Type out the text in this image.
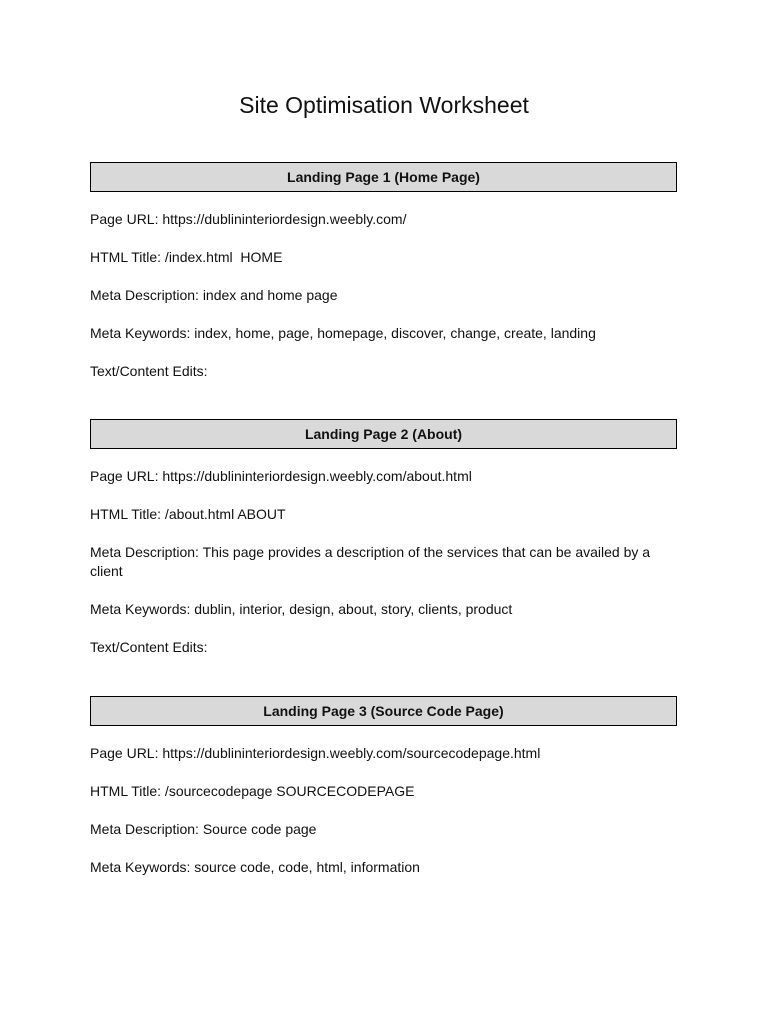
Site Optimisation Worksheet
Landing Page 1 (Home Page)
Page URL: https://dublininteriordesign.weebly.com/
HTML Title: /index.html  HOME
Meta Description: index and home page
Meta Keywords: index, home, page, homepage, discover, change, create, landing
Text/Content Edits:
Landing Page 2 (About)
Page URL: https://dublininteriordesign.weebly.com/about.html
HTML Title: /about.html ABOUT
Meta Description: This page provides a description of the services that can be availed by a client
Meta Keywords: dublin, interior, design, about, story, clients, product
Text/Content Edits:
Landing Page 3 (Source Code Page)
Page URL: https://dublininteriordesign.weebly.com/sourcecodepage.html
HTML Title: /sourcecodepage SOURCECODEPAGE
Meta Description: Source code page
Meta Keywords: source code, code, html, information
